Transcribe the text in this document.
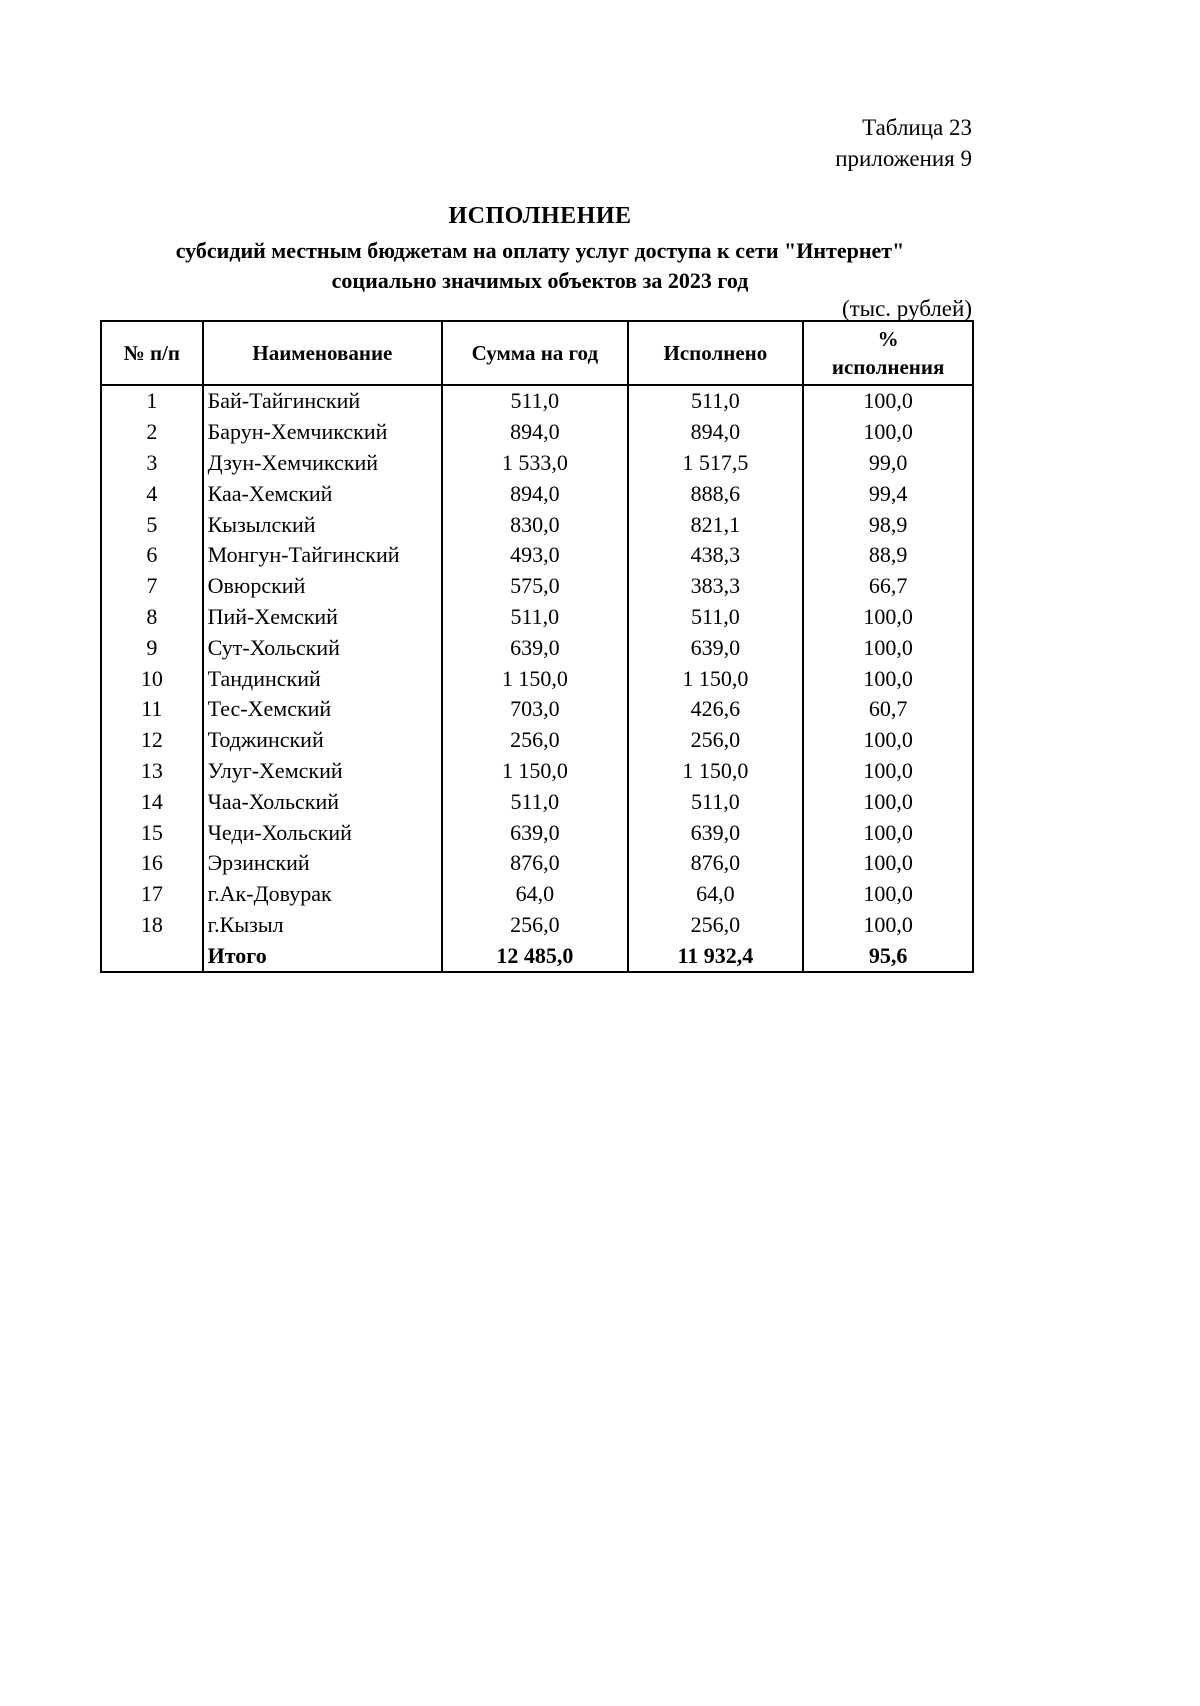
Таблица 23
приложения 9
ИСПОЛНЕНИЕ
субсидий местным бюджетам на оплату услуг доступа к сети "Интернет"
социально значимых объектов за 2023 год
(тыс. рублей)
№ п/п	Наименование	Сумма на год	Исполнено	%
исполнения

1	Бай-Тайгинский	511,0	511,0	100,0
2	Барун-Хемчикский	894,0	894,0	100,0
3	Дзун-Хемчикский	1 533,0	1 517,5	99,0
4	Каа-Хемский	894,0	888,6	99,4
5	Кызылский	830,0	821,1	98,9
6	Монгун-Тайгинский	493,0	438,3	88,9
7	Овюрский	575,0	383,3	66,7
8	Пий-Хемский	511,0	511,0	100,0
9	Сут-Хольский	639,0	639,0	100,0
10	Тандинский	1 150,0	1 150,0	100,0
11	Тес-Хемский	703,0	426,6	60,7
12	Тоджинский	256,0	256,0	100,0
13	Улуг-Хемский	1 150,0	1 150,0	100,0
14	Чаа-Хольский	511,0	511,0	100,0
15	Чеди-Хольский	639,0	639,0	100,0
16	Эрзинский	876,0	876,0	100,0
17	г.Ак-Довурак	64,0	64,0	100,0
18	г.Кызыл	256,0	256,0	100,0
	Итого	12 485,0	11 932,4	95,6
